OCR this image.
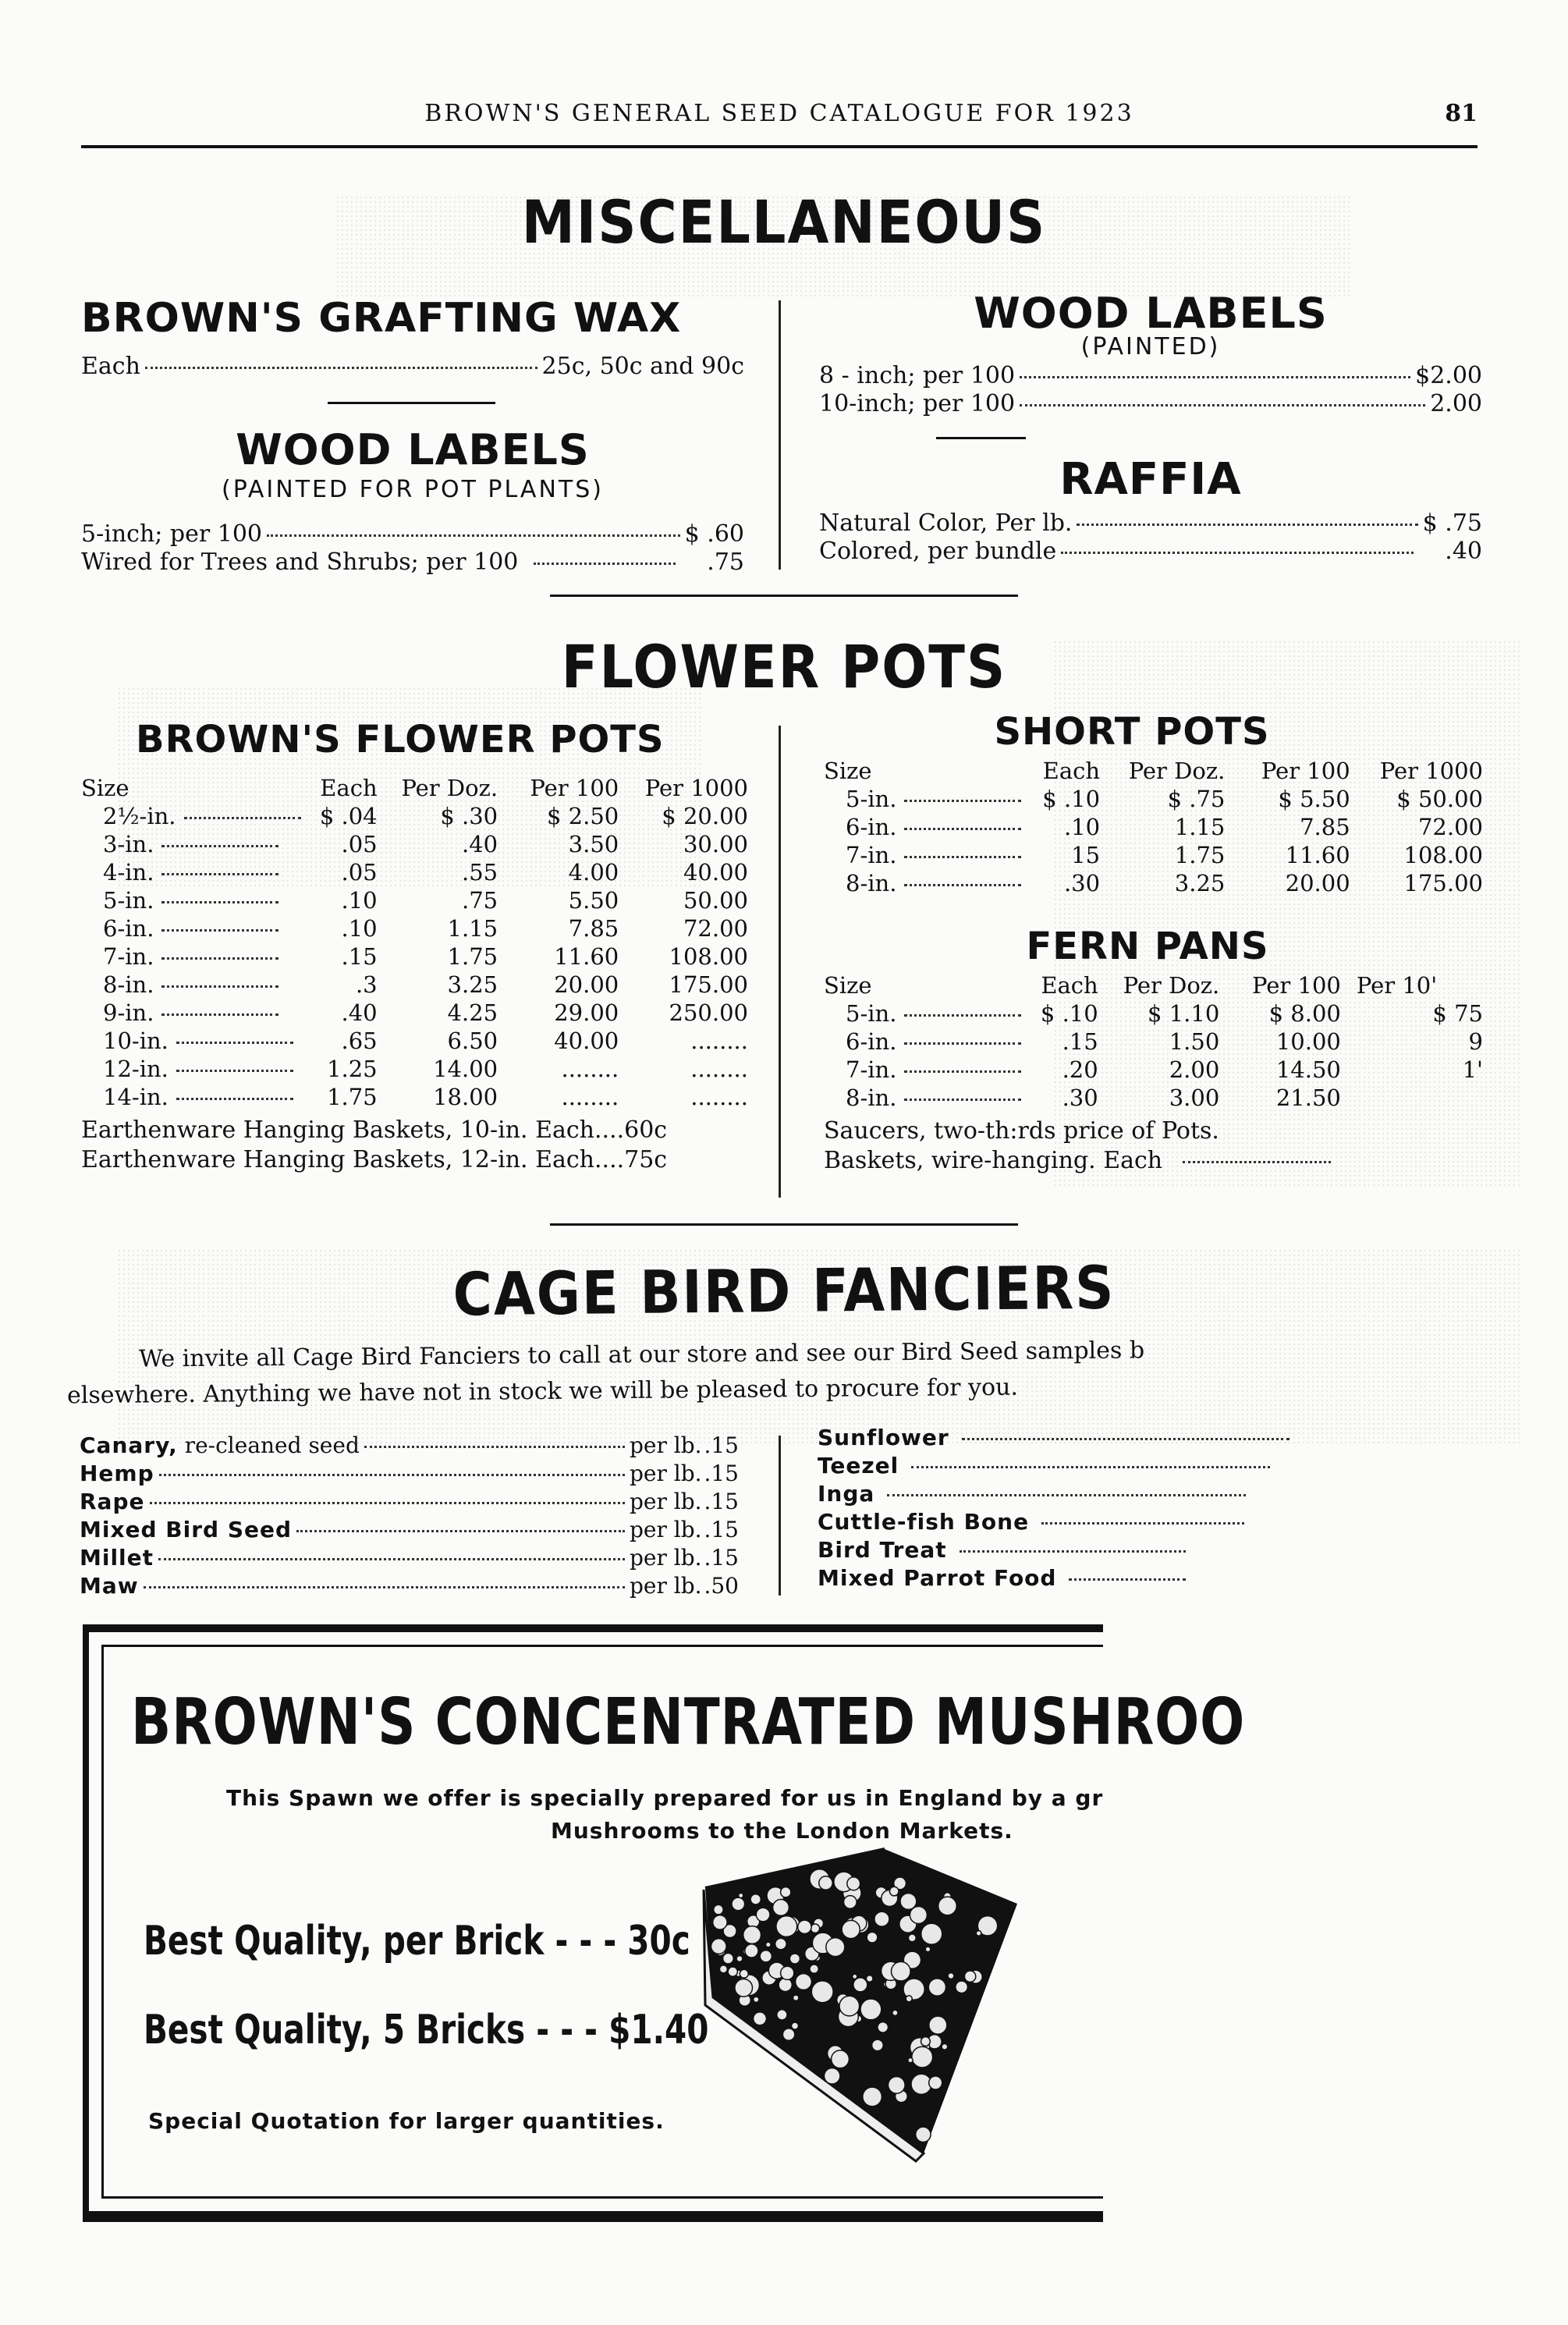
BROWN'S GENERAL SEED CATALOGUE FOR 1923	81
MISCELLANEOUS
BROWN'S GRAFTING WAX
Each	25c, 50c and 90c
WOOD LABELS
(PAINTED FOR POT PLANTS)
5-inch; per 100	$ .60
Wired for Trees and Shrubs; per 100	.75
WOOD LABELS
(PAINTED)
8 - inch; per 100	$2.00
10-inch; per 100	2.00
RAFFIA
Natural Color, Per lb.	$ .75
Colored, per bundle	.40
FLOWER POTS
BROWN'S FLOWER POTS
Size	Each	Per Doz.	Per 100	Per 1000
2½-in.	$ .04	$ .30	$ 2.50	$ 20.00
3-in.	.05	.40	3.50	30.00
4-in.	.05	.55	4.00	40.00
5-in.	.10	.75	5.50	50.00
6-in.	.10	1.15	7.85	72.00
7-in.	.15	1.75	11.60	108.00
8-in.	.3	3.25	20.00	175.00
9-in.	.40	4.25	29.00	250.00
10-in.	.65	6.50	40.00	........
12-in.	1.25	14.00	........	........
14-in.	1.75	18.00	........	........
Earthenware Hanging Baskets, 10-in. Each....60c
Earthenware Hanging Baskets, 12-in. Each....75c
SHORT POTS
Size	Each	Per Doz.	Per 100	Per 1000
5-in.	$ .10	$ .75	$ 5.50	$ 50.00
6-in.	.10	1.15	7.85	72.00
7-in.	15	1.75	11.60	108.00
8-in.	.30	3.25	20.00	175.00
FERN PANS
Size	Each	Per Doz.	Per 100	Per 10'
5-in.	$ .10	$ 1.10	$ 8.00	$ 75
6-in.	.15	1.50	10.00	9
7-in.	.20	2.00	14.50	1'
8-in.	.30	3.00	21.50	
Saucers, two-th:rds price of Pots.
Baskets, wire-hanging. Each
CAGE BIRD FANCIERS
We invite all Cage Bird Fanciers to call at our store and see our Bird Seed samples b
elsewhere. Anything we have not in stock we will be pleased to procure for you.
Canary, re-cleaned seed	per lb. .15
Hemp	per lb. .15
Rape	per lb. .15
Mixed Bird Seed	per lb. .15
Millet	per lb. .15
Maw	per lb. .50
Sunflower
Teezel
Inga
Cuttle-fish Bone
Bird Treat
Mixed Parrot Food
BROWN'S CONCENTRATED MUSHROO
This Spawn we offer is specially prepared for us in England by a gr
Mushrooms to the London Markets.
Best Quality, per Brick - - - 30c
Best Quality, 5 Bricks - - - $1.40
Special Quotation for larger quantities.
